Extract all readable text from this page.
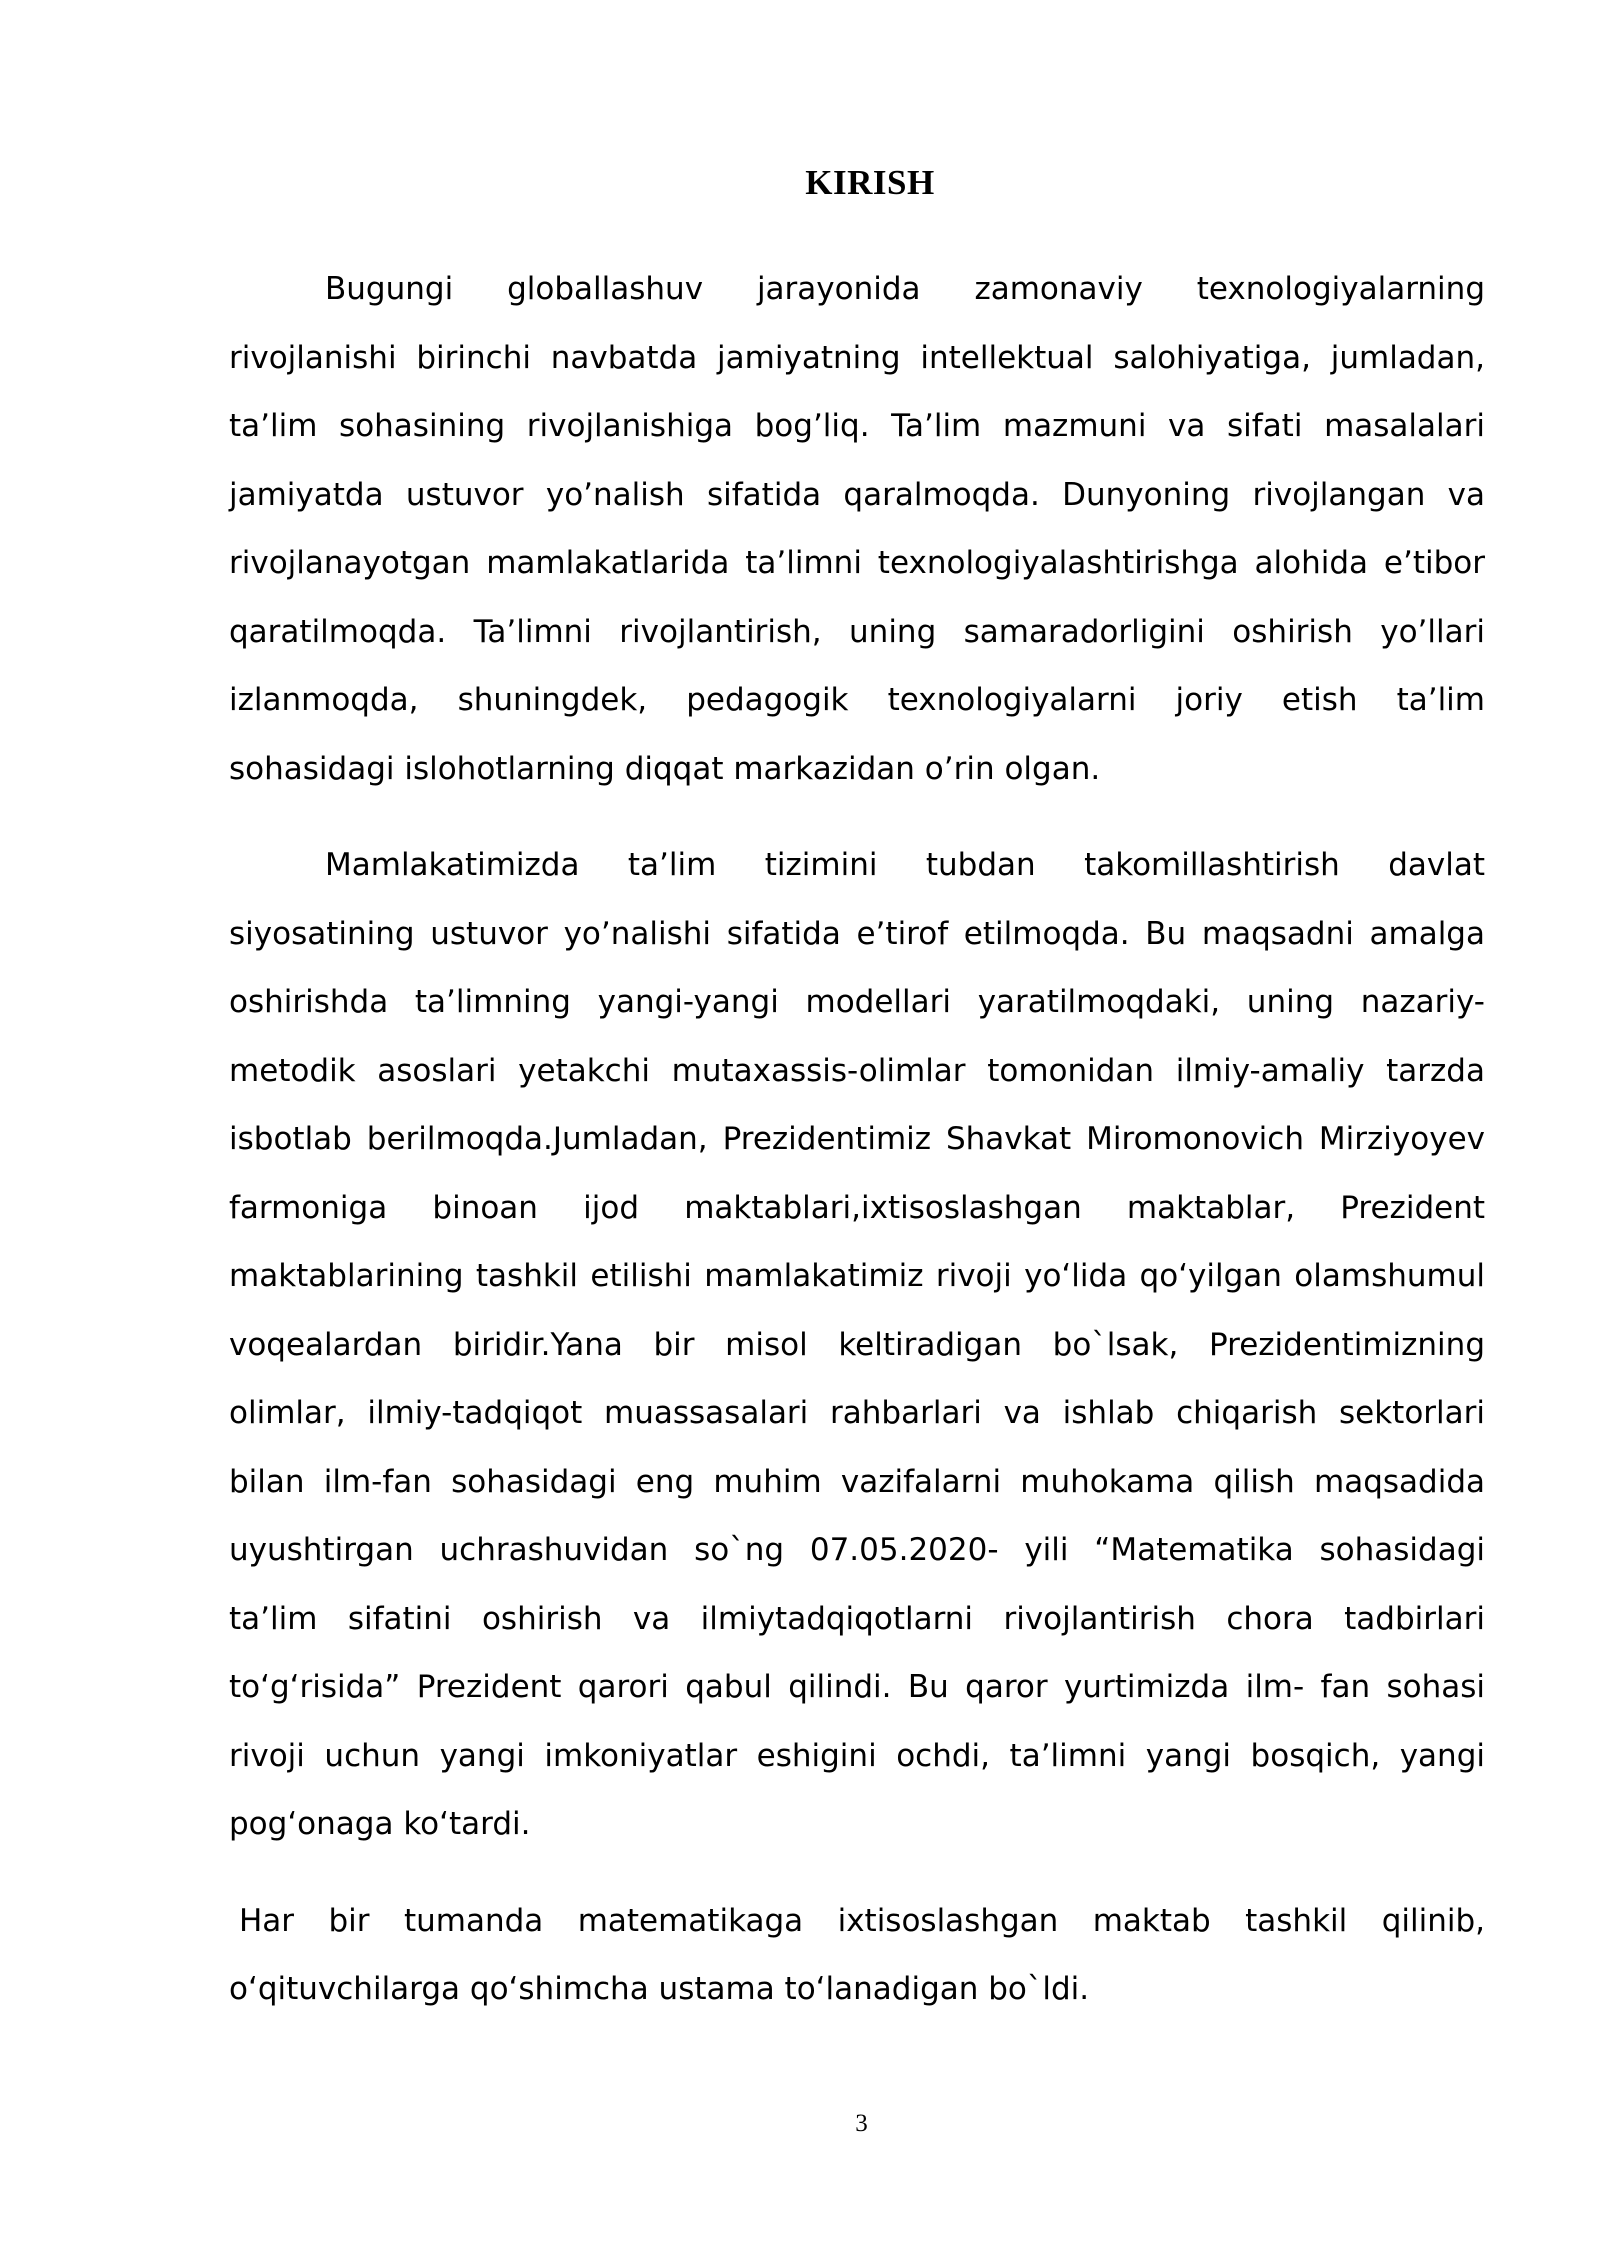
KIRISH

Bugungi globallashuv jarayonida zamonaviy texnologiyalarning rivojlanishi birinchi navbatda jamiyatning intellektual salohiyatiga, jumladan, ta’lim sohasining rivojlanishiga bog’liq. Ta’lim mazmuni va sifati masalalari jamiyatda ustuvor yo’nalish sifatida qaralmoqda. Dunyoning rivojlangan va rivojlanayotgan mamlakatlarida ta’limni texnologiyalashtirishga alohida e’tibor qaratilmoqda. Ta’limni rivojlantirish, uning samaradorligini oshirish yo’llari izlanmoqda, shuningdek, pedagogik texnologiyalarni joriy etish ta’lim sohasidagi islohotlarning diqqat markazidan o’rin olgan.

Mamlakatimizda ta’lim tizimini tubdan takomillashtirish davlat siyosatining ustuvor yo’nalishi sifatida e’tirof etilmoqda. Bu maqsadni amalga oshirishda ta’limning yangi-yangi modellari yaratilmoqdaki, uning nazariy-metodik asoslari yetakchi mutaxassis-olimlar tomonidan ilmiy-amaliy tarzda isbotlab berilmoqda.Jumladan, Prezidentimiz Shavkat Miromonovich Mirziyoyev farmoniga binoan ijod maktablari,ixtisoslashgan maktablar, Prezident maktablarining tashkil etilishi mamlakatimiz rivoji yoʻlida qoʻyilgan olamshumul voqealardan biridir.Yana bir misol keltiradigan bo`lsak, Prezidentimizning olimlar, ilmiy-tadqiqot muassasalari rahbarlari va ishlab chiqarish sektorlari bilan ilm-fan sohasidagi eng muhim vazifalarni muhokama qilish maqsadida uyushtirgan uchrashuvidan so`ng 07.05.2020- yili “Matematika sohasidagi ta’lim sifatini oshirish va ilmiytadqiqotlarni rivojlantirish chora tadbirlari toʻgʻrisida” Prezident qarori qabul qilindi. Bu qaror yurtimizda ilm- fan sohasi rivoji uchun yangi imkoniyatlar eshigini ochdi, ta’limni yangi bosqich, yangi pogʻonaga koʻtardi.

Har bir tumanda matematikaga ixtisoslashgan maktab tashkil qilinib, oʻqituvchilarga qoʻshimcha ustama toʻlanadigan bo`ldi.

3
